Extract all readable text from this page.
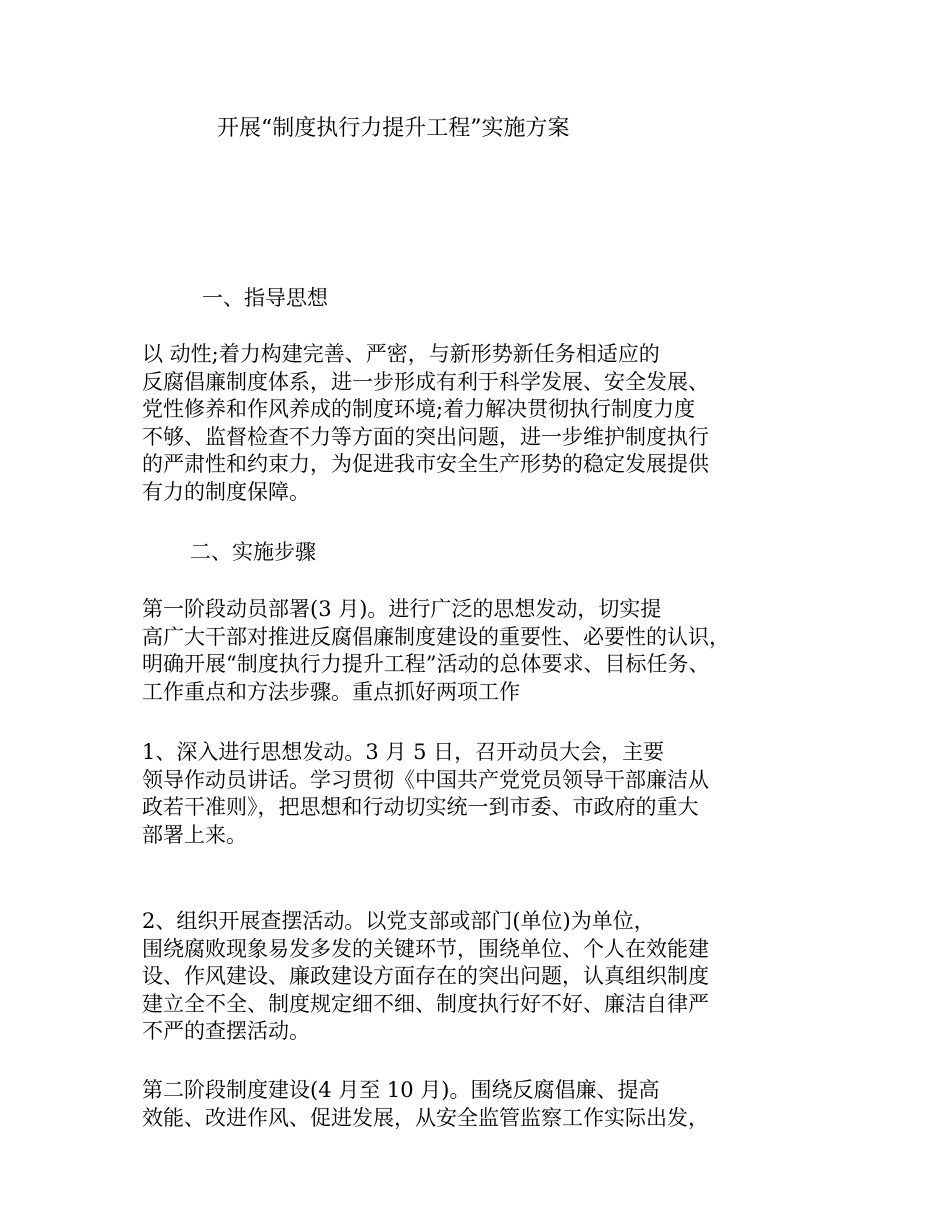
开展“制度执行力提升工程”实施方案
一、指导思想

以 动性;着力构建完善、严密，与新形势新任务相适应的
反腐倡廉制度体系，进一步形成有利于科学发展、安全发展、
党性修养和作风养成的制度环境;着力解决贯彻执行制度力度
不够、监督检查不力等方面的突出问题，进一步维护制度执行
的严肃性和约束力，为促进我市安全生产形势的稳定发展提供
有力的制度保障。

二、实施步骤

第一阶段动员部署(3 月)。进行广泛的思想发动，切实提
高广大干部对推进反腐倡廉制度建设的重要性、必要性的认识，
明确开展“制度执行力提升工程”活动的总体要求、目标任务、
工作重点和方法步骤。重点抓好两项工作

1、深入进行思想发动。3 月 5 日，召开动员大会，主要
领导作动员讲话。学习贯彻《中国共产党党员领导干部廉洁从
政若干准则》，把思想和行动切实统一到市委、市政府的重大
部署上来。

2、组织开展查摆活动。以党支部或部门(单位)为单位，
围绕腐败现象易发多发的关键环节，围绕单位、个人在效能建
设、作风建设、廉政建设方面存在的突出问题，认真组织制度
建立全不全、制度规定细不细、制度执行好不好、廉洁自律严
不严的查摆活动。

第二阶段制度建设(4 月至 10 月)。围绕反腐倡廉、提高
效能、改进作风、促进发展，从安全监管监察工作实际出发，
